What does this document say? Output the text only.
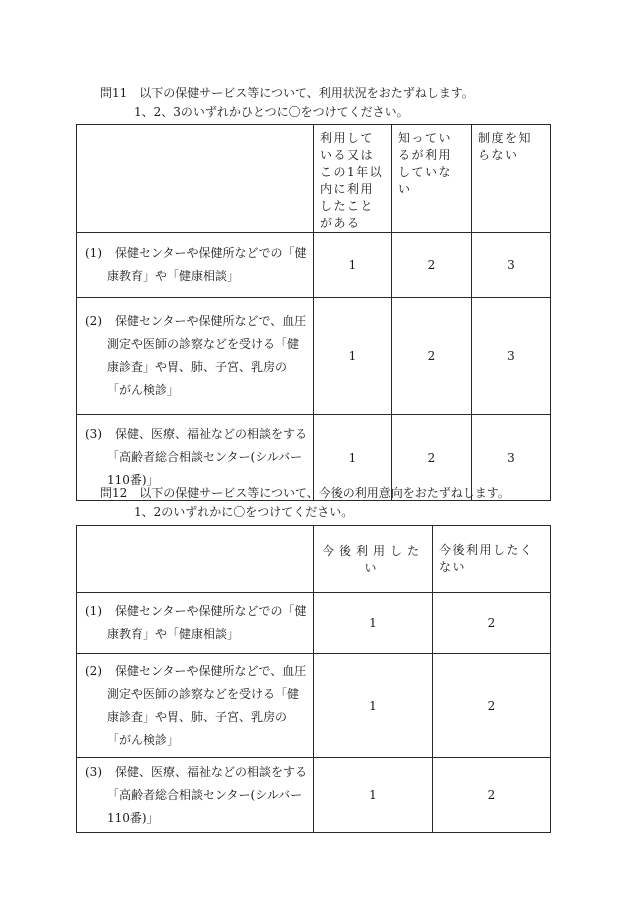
問11　以下の保健サービス等について、利用状況をおたずねします。
1、2、3のいずれかひとつに〇をつけてください。
	利用している又はこの1年以内に利用したことがある	知っているが利用していない	制度を知らない
(1) 保健センターや保健所などでの「健
康教育」や「健康相談」	1	2	3
(2) 保健センターや保健所などで、血圧
測定や医師の診察などを受ける「健康診査」や胃、肺、子宮、乳房の「がん検診」	1	2	3
(3) 保健、医療、福祉などの相談をする
「高齢者総合相談センター(シルバー110番)」	1	2	3
問12　以下の保健サービス等について、今後の利用意向をおたずねします。
1、2のいずれかに〇をつけてください。
	今後利用したい	今後利用したくない
(1) 保健センターや保健所などでの「健
康教育」や「健康相談」	1	2
(2) 保健センターや保健所などで、血圧
測定や医師の診察などを受ける「健康診査」や胃、肺、子宮、乳房の「がん検診」	1	2
(3) 保健、医療、福祉などの相談をする
「高齢者総合相談センター(シルバー110番)」	1	2
